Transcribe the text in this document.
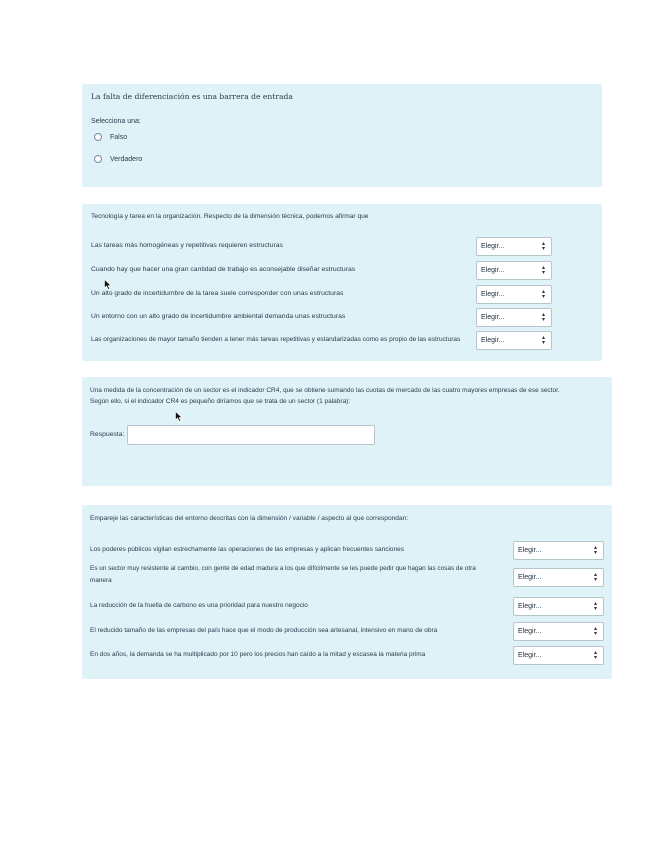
La falta de diferenciación es una barrera de entrada
Selecciona una:
Falso
Verdadero
Tecnología y tarea en la organización. Respecto de la dimensión técnica, podemos afirmar que
Las tareas más homogéneas y repetitivas requieren estructuras	Elegir...	▴
▾
Cuando hay que hacer una gran cantidad de trabajo es aconsejable diseñar estructuras	Elegir...	▴
▾
Un alto grado de incertidumbre de la tarea suele corresponder con unas estructuras	Elegir...	▴
▾
Un entorno con un alto grado de incertidumbre ambiental demanda unas estructuras	Elegir...	▴
▾
Las organizaciones de mayor tamaño tienden a tener más tareas repetitivas y estandarizadas como es propio de las estructuras	Elegir...	▴
▾
Una medida de la concentración de un sector es el indicador CR4, que se obtiene sumando las cuotas de mercado de las cuatro mayores empresas de ese sector.
Según ello, si el indicador CR4 es pequeño diríamos que se trata de un sector (1 palabra):
Respuesta:
Empareje las características del entorno descritas con la dimensión / variable / aspecto al que correspondan:
Los poderes públicos vigilan estrechamente las operaciones de las empresas y aplican frecuentes sanciones	Elegir...	▴
▾
Es un sector muy resistente al cambio, con gente de edad madura a los que difícilmente se les puede pedir que hagan las cosas de otra
manera	Elegir...	▴
▾
La reducción de la huella de carbono es una prioridad para nuestro negocio	Elegir...	▴
▾
El reducido tamaño de las empresas del país hace que el modo de producción sea artesanal, intensivo en mano de obra	Elegir...	▴
▾
En dos años, la demanda se ha multiplicado por 10 pero los precios han caído a la mitad y escasea la materia prima	Elegir...	▴
▾
